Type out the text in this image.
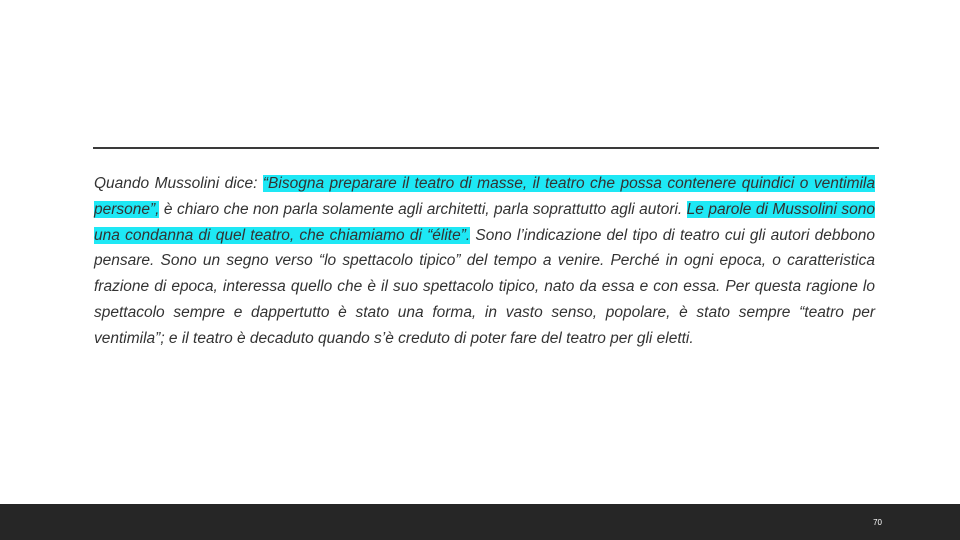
Quando Mussolini dice: “Bisogna preparare il teatro di masse, il teatro che possa contenere quindici o ventimila persone”, è chiaro che non parla solamente agli architetti, parla soprattutto agli autori. Le parole di Mussolini sono una condanna di quel teatro, che chiamiamo di “élite”. Sono l’indicazione del tipo di teatro cui gli autori debbono pensare. Sono un segno verso “lo spettacolo tipico” del tempo a venire. Perché in ogni epoca, o caratteristica frazione di epoca, interessa quello che è il suo spettacolo tipico, nato da essa e con essa. Per questa ragione lo spettacolo sempre e dappertutto è stato una forma, in vasto senso, popolare, è stato sempre “teatro per ventimila”; e il teatro è decaduto quando s’è creduto di poter fare del teatro per gli eletti.

70
